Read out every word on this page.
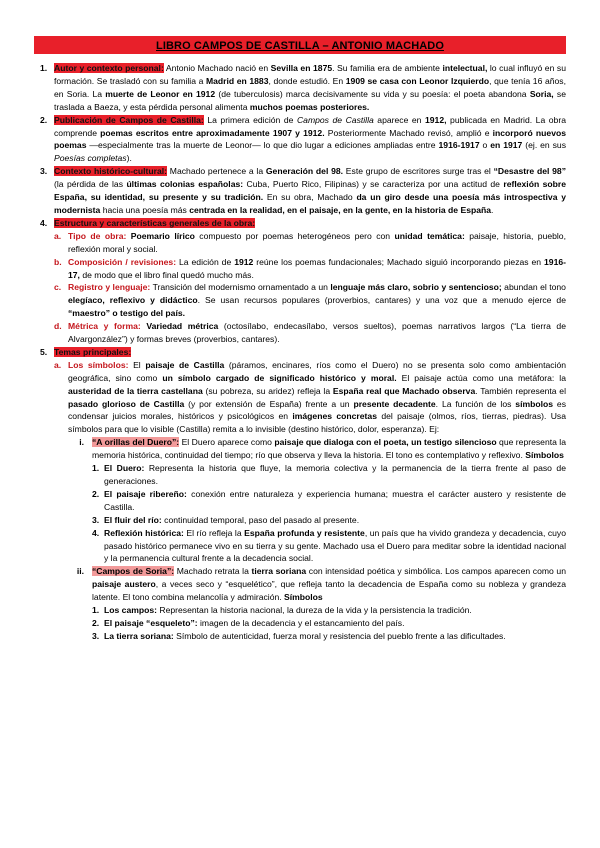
LIBRO CAMPOS DE CASTILLA – ANTONIO MACHADO
1. Autor y contexto personal: Antonio Machado nació en Sevilla en 1875. Su familia era de ambiente intelectual, lo cual influyó en su formación. Se trasladó con su familia a Madrid en 1883, donde estudió. En 1909 se casa con Leonor Izquierdo, que tenía 16 años, en Soria. La muerte de Leonor en 1912 (de tuberculosis) marca decisivamente su vida y su poesía: el poeta abandona Soria, se traslada a Baeza, y esta pérdida personal alimenta muchos poemas posteriores.
2. Publicación de Campos de Castilla: La primera edición de Campos de Castilla aparece en 1912, publicada en Madrid. La obra comprende poemas escritos entre aproximadamente 1907 y 1912. Posteriormente Machado revisó, amplió e incorporó nuevos poemas —especialmente tras la muerte de Leonor— lo que dio lugar a ediciones ampliadas entre 1916-1917 o en 1917 (ej. en sus Poesías completas).
3. Contexto histórico-cultural: Machado pertenece a la Generación del 98. Este grupo de escritores surge tras el “Desastre del 98” (la pérdida de las últimas colonias españolas: Cuba, Puerto Rico, Filipinas) y se caracteriza por una actitud de reflexión sobre España, su identidad, su presente y su tradición. En su obra, Machado da un giro desde una poesía más introspectiva y modernista hacia una poesía más centrada en la realidad, en el paisaje, en la gente, en la historia de España.
4. Estructura y características generales de la obra:
a. Tipo de obra: Poemario lírico compuesto por poemas heterogéneos pero con unidad temática: paisaje, historia, pueblo, reflexión moral y social.
b. Composición / revisiones: La edición de 1912 reúne los poemas fundacionales; Machado siguió incorporando piezas en 1916-17, de modo que el libro final quedó mucho más.
c. Registro y lenguaje: Transición del modernismo ornamentado a un lenguaje más claro, sobrio y sentencioso; abundan el tono elegíaco, reflexivo y didáctico. Se usan recursos populares (proverbios, cantares) y una voz que a menudo ejerce de “maestro” o testigo del país.
d. Métrica y forma: Variedad métrica (octosílabo, endecasílabo, versos sueltos), poemas narrativos largos (“La tierra de Alvargonzález”) y formas breves (proverbios, cantares).
5. Temas principales:
a. Los símbolos: El paisaje de Castilla (páramos, encinares, ríos como el Duero) no se presenta solo como ambientación geográfica, sino como un símbolo cargado de significado histórico y moral. El paisaje actúa como una metáfora: la austeridad de la tierra castellana (su pobreza, su aridez) refleja la España real que Machado observa. También representa el pasado glorioso de Castilla (y por extensión de España) frente a un presente decadente. La función de los símbolos es condensar juicios morales, históricos y psicológicos en imágenes concretas del paisaje (olmos, ríos, tierras, piedras). Usa símbolos para que lo visible (Castilla) remita a lo invisible (destino histórico, dolor, esperanza). Ej:
i. “A orillas del Duero”: El Duero aparece como paisaje que dialoga con el poeta, un testigo silencioso que representa la memoria histórica, continuidad del tiempo; río que observa y lleva la historia. El tono es contemplativo y reflexivo. Símbolos
1. El Duero: Representa la historia que fluye, la memoria colectiva y la permanencia de la tierra frente al paso de generaciones.
2. El paisaje ribereño: conexión entre naturaleza y experiencia humana; muestra el carácter austero y resistente de Castilla.
3. El fluir del río: continuidad temporal, paso del pasado al presente.
4. Reflexión histórica: El río refleja la España profunda y resistente, un país que ha vivido grandeza y decadencia, cuyo pasado histórico permanece vivo en su tierra y su gente. Machado usa el Duero para meditar sobre la identidad nacional y la permanencia cultural frente a la decadencia social.
ii. “Campos de Soria”: Machado retrata la tierra soriana con intensidad poética y simbólica. Los campos aparecen como un paisaje austero, a veces seco y “esquelético”, que refleja tanto la decadencia de España como su nobleza y grandeza latente. El tono combina melancolía y admiración. Símbolos
1. Los campos: Representan la historia nacional, la dureza de la vida y la persistencia la tradición.
2. El paisaje “esqueleto”: imagen de la decadencia y el estancamiento del país.
3. La tierra soriana: Símbolo de autenticidad, fuerza moral y resistencia del pueblo frente a las dificultades.
